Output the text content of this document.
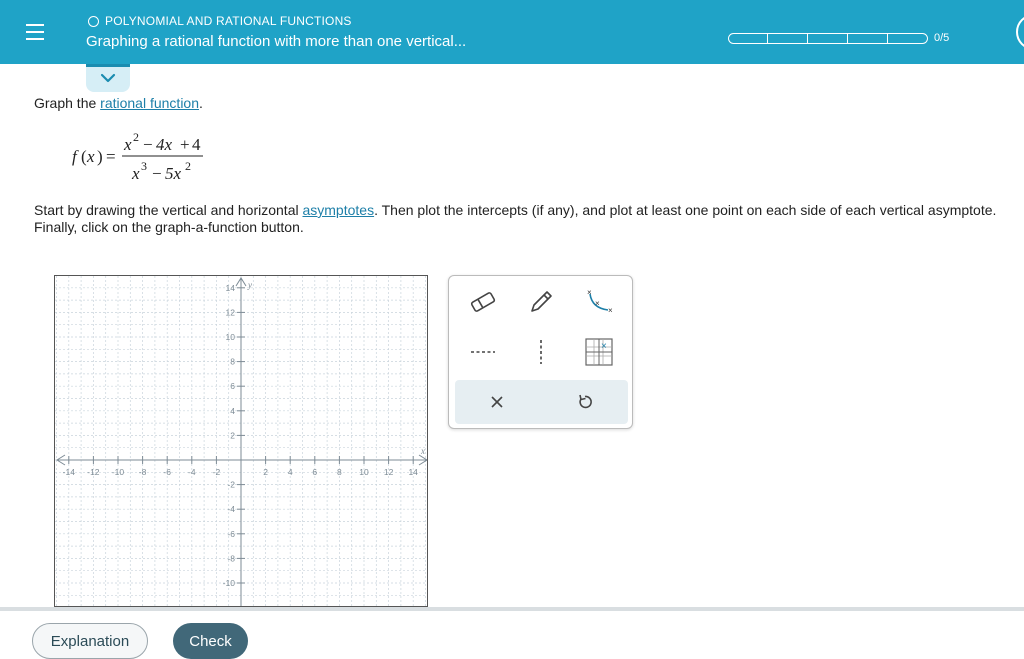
POLYNOMIAL AND RATIONAL FUNCTIONS
Graphing a rational function with more than one vertical...	0/5
Graph the rational function.
f ( x ) =
x 2 − 4x + 4
x 3 − 5x 2
Start by drawing the vertical and horizontal asymptotes. Then plot the intercepts (if any), and plot at least one point on each side of each vertical asymptote. Finally, click on the graph-a-function button.
-14 -12 -10 -8 -6 -4 -2	2 4 6 8 10 12 14
14
12
10
8
6
4
2
-2
-4
-6
-8
-10
x
y
×
×
×
×
Explanation	Check
